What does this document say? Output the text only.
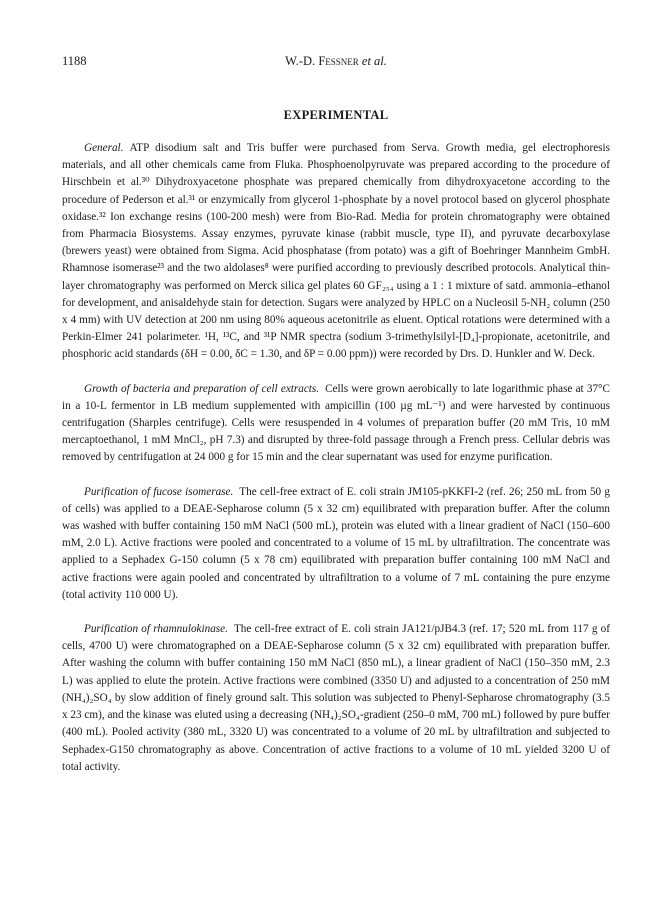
1188	W.-D. Fessner et al.
EXPERIMENTAL

General. ATP disodium salt and Tris buffer were purchased from Serva. Growth media, gel electrophoresis materials, and all other chemicals came from Fluka. Phosphoenolpyruvate was prepared according to the procedure of Hirschbein et al.³⁰ Dihydroxyacetone phosphate was prepared chemically from dihydroxyacetone according to the procedure of Pederson et al.³¹ or enzymically from glycerol 1-phosphate by a novel protocol based on glycerol phosphate oxidase.³² Ion exchange resins (100-200 mesh) were from Bio-Rad. Media for protein chromatography were obtained from Pharmacia Biosystems. Assay enzymes, pyruvate kinase (rabbit muscle, type II), and pyruvate decarboxylase (brewers yeast) were obtained from Sigma. Acid phosphatase (from potato) was a gift of Boehringer Mannheim GmbH. Rhamnose isomerase²³ and the two aldolases⁸ were purified according to previously described protocols. Analytical thin-layer chromatography was performed on Merck silica gel plates 60 GF₂₅₄ using a 1 : 1 mixture of satd. ammonia–ethanol for development, and anisaldehyde stain for detection. Sugars were analyzed by HPLC on a Nucleosil 5-NH₂ column (250 x 4 mm) with UV detection at 200 nm using 80% aqueous acetonitrile as eluent. Optical rotations were determined with a Perkin-Elmer 241 polarimeter. ¹H, ¹³C, and ³¹P NMR spectra (sodium 3-trimethylsilyl-[D₄]-propionate, acetonitrile, and phosphoric acid standards (δH = 0.00, δC = 1.30, and δP = 0.00 ppm)) were recorded by Drs. D. Hunkler and W. Deck.

Growth of bacteria and preparation of cell extracts. Cells were grown aerobically to late logarithmic phase at 37°C in a 10-L fermentor in LB medium supplemented with ampicillin (100 µg mL⁻¹) and were harvested by continuous centrifugation (Sharples centrifuge). Cells were resuspended in 4 volumes of preparation buffer (20 mM Tris, 10 mM mercaptoethanol, 1 mM MnCl₂, pH 7.3) and disrupted by three-fold passage through a French press. Cellular debris was removed by centrifugation at 24 000 g for 15 min and the clear supernatant was used for enzyme purification.

Purification of fucose isomerase. The cell-free extract of E. coli strain JM105-pKKFI-2 (ref. 26; 250 mL from 50 g of cells) was applied to a DEAE-Sepharose column (5 x 32 cm) equilibrated with preparation buffer. After the column was washed with buffer containing 150 mM NaCl (500 mL), protein was eluted with a linear gradient of NaCl (150–600 mM, 2.0 L). Active fractions were pooled and concentrated to a volume of 15 mL by ultrafiltration. The concentrate was applied to a Sephadex G-150 column (5 x 78 cm) equilibrated with preparation buffer containing 100 mM NaCl and active fractions were again pooled and concentrated by ultrafiltration to a volume of 7 mL containing the pure enzyme (total activity 110 000 U).

Purification of rhamnulokinase. The cell-free extract of E. coli strain JA121/pJB4.3 (ref. 17; 520 mL from 117 g of cells, 4700 U) were chromatographed on a DEAE-Sepharose column (5 x 32 cm) equilibrated with preparation buffer. After washing the column with buffer containing 150 mM NaCl (850 mL), a linear gradient of NaCl (150–350 mM, 2.3 L) was applied to elute the protein. Active fractions were combined (3350 U) and adjusted to a concentration of 250 mM (NH₄)₂SO₄ by slow addition of finely ground salt. This solution was subjected to Phenyl-Sepharose chromatography (3.5 x 23 cm), and the kinase was eluted using a decreasing (NH₄)₂SO₄-gradient (250–0 mM, 700 mL) followed by pure buffer (400 mL). Pooled activity (380 mL, 3320 U) was concentrated to a volume of 20 mL by ultrafiltration and subjected to Sephadex-G150 chromatography as above. Concentration of active fractions to a volume of 10 mL yielded 3200 U of total activity.
